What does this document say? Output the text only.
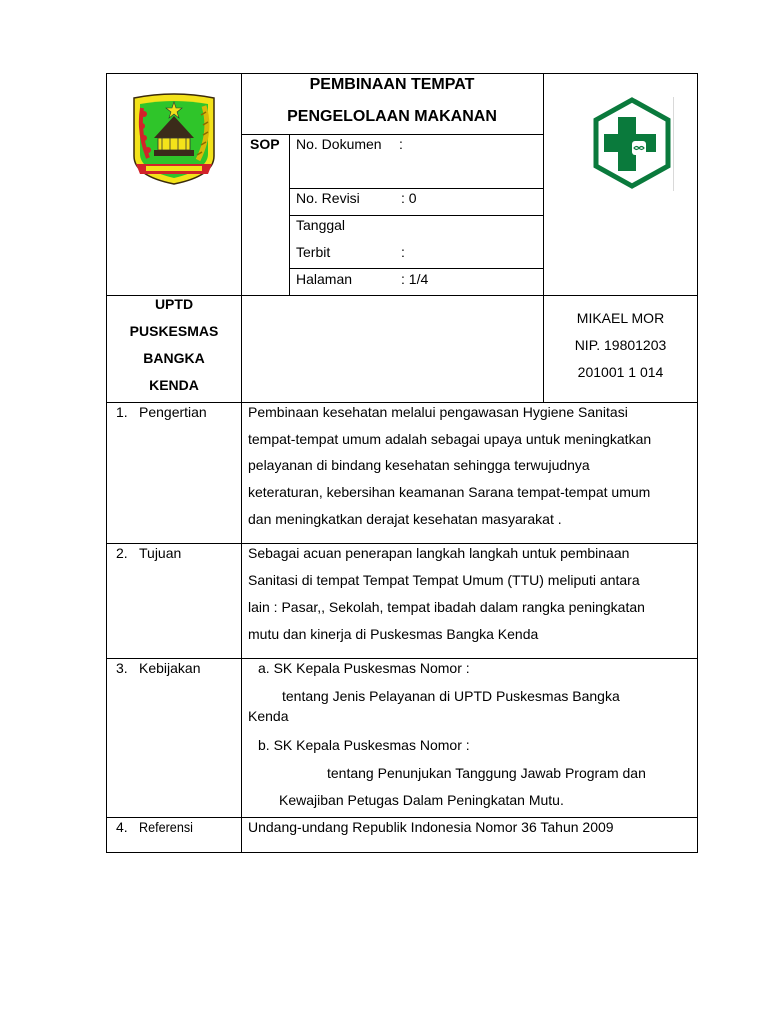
PEMBINAAN TEMPAT
PENGELOLAAN MAKANAN
SOP No. Dokumen :
No. Revisi	: 0
Tanggal
Terbit	:
Halaman	: 1/4
UPTD
PUSKESMAS
BANGKA
KENDA
MIKAEL MOR
NIP. 19801203
201001 1 014
1. Pengertian	Pembinaan kesehatan melalui pengawasan Hygiene Sanitasi
tempat-tempat umum adalah sebagai upaya untuk meningkatkan
pelayanan di bindang kesehatan sehingga terwujudnya
keteraturan, kebersihan keamanan Sarana tempat-tempat umum
dan meningkatkan derajat kesehatan masyarakat .
2. Tujuan	Sebagai acuan penerapan langkah langkah untuk pembinaan
Sanitasi di tempat Tempat Tempat Umum (TTU) meliputi antara
lain : Pasar,, Sekolah, tempat ibadah dalam rangka peningkatan
mutu dan kinerja di Puskesmas Bangka Kenda
3. Kebijakan	a. SK Kepala Puskesmas Nomor :
tentang Jenis Pelayanan di UPTD Puskesmas Bangka
Kenda
b. SK Kepala Puskesmas Nomor :
tentang Penunjukan Tanggung Jawab Program dan
Kewajiban Petugas Dalam Peningkatan Mutu.
4. Referensi	Undang-undang Republik Indonesia Nomor 36 Tahun 2009
